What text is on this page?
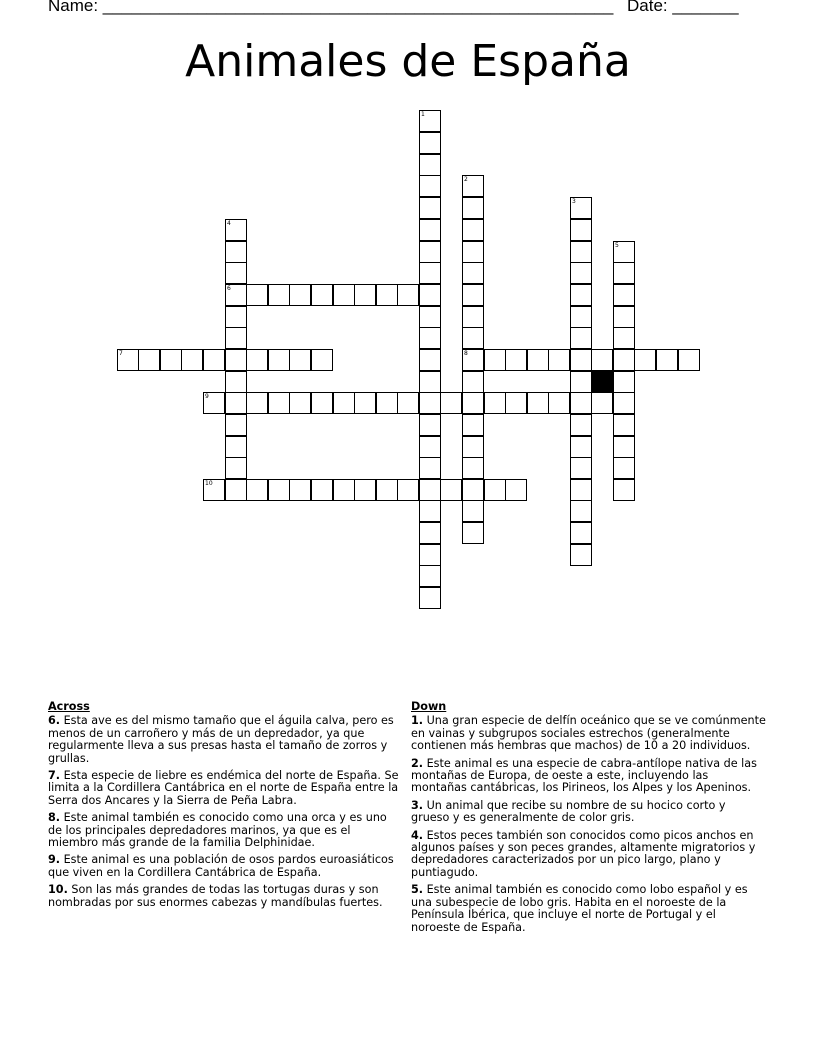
Name: ______________________________________________________ Date: _______
Animales de España
1
2
3
4
5
6
7	8
9
10
Across
6. Esta ave es del mismo tamaño que el águila calva, pero es menos de un carroñero y más de un depredador, ya que regularmente lleva a sus presas hasta el tamaño de zorros y grullas.
7. Esta especie de liebre es endémica del norte de España. Se limita a la Cordillera Cantábrica en el norte de España entre la Serra dos Ancares y la Sierra de Peña Labra.
8. Este animal también es conocido como una orca y es uno de los principales depredadores marinos, ya que es el miembro más grande de la familia Delphinidae.
9. Este animal es una población de osos pardos euroasiáticos que viven en la Cordillera Cantábrica de España.
10. Son las más grandes de todas las tortugas duras y son nombradas por sus enormes cabezas y mandíbulas fuertes.
Down
1. Una gran especie de delfín oceánico que se ve comúnmente en vainas y subgrupos sociales estrechos (generalmente contienen más hembras que machos) de 10 a 20 individuos.
2. Este animal es una especie de cabra-antílope nativa de las montañas de Europa, de oeste a este, incluyendo las montañas cantábricas, los Pirineos, los Alpes y los Apeninos.
3. Un animal que recibe su nombre de su hocico corto y grueso y es generalmente de color gris.
4. Estos peces también son conocidos como picos anchos en algunos países y son peces grandes, altamente migratorios y depredadores caracterizados por un pico largo, plano y puntiagudo.
5. Este animal también es conocido como lobo español y es una subespecie de lobo gris. Habita en el noroeste de la Península Ibérica, que incluye el norte de Portugal y el noroeste de España.
